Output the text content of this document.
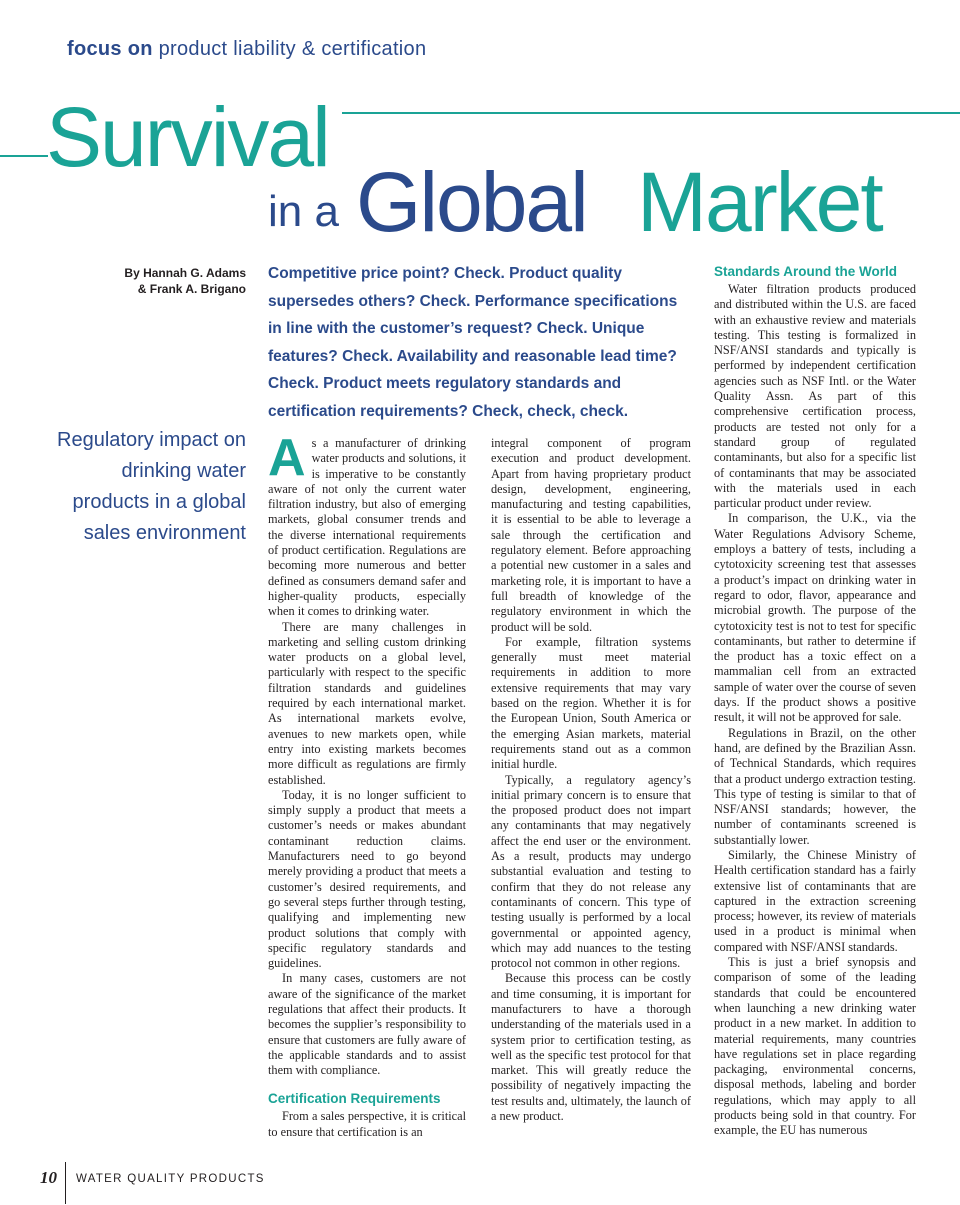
focus on product liability & certification
Survival
in a Global Market
By Hannah G. Adams
& Frank A. Brigano
Competitive price point? Check. Product quality supersedes others? Check. Performance specifications in line with the customer’s request? Check. Unique features? Check. Availability and reasonable lead time? Check. Product meets regulatory standards and certification requirements? Check, check, check.
Regulatory impact on drinking water products in a global sales environment

As a manufacturer of drinking water products and solutions, it is imperative to be constantly aware of not only the current water filtration industry, but also of emerging markets, global consumer trends and the diverse international requirements of product certification. Regulations are becoming more numerous and better defined as consumers demand safer and higher-quality products, especially when it comes to drinking water.

There are many challenges in marketing and selling custom drinking water products on a global level, particularly with respect to the specific filtration standards and guidelines required by each international market. As international markets evolve, avenues to new markets open, while entry into existing markets becomes more difficult as regulations are firmly established.

Today, it is no longer sufficient to simply supply a product that meets a customer’s needs or makes abundant contaminant reduction claims. Manufacturers need to go beyond merely providing a product that meets a customer’s desired requirements, and go several steps further through testing, qualifying and implementing new product solutions that comply with specific regulatory standards and guidelines.

In many cases, customers are not aware of the significance of the market regulations that affect their products. It becomes the supplier’s responsibility to ensure that customers are fully aware of the applicable standards and to assist them with compliance.

Certification Requirements

From a sales perspective, it is critical to ensure that certification is an

integral component of program execution and product development. Apart from having proprietary product design, development, engineering, manufacturing and testing capabilities, it is essential to be able to leverage a sale through the certification and regulatory element. Before approaching a potential new customer in a sales and marketing role, it is important to have a full breadth of knowledge of the regulatory environment in which the product will be sold.

For example, filtration systems generally must meet material requirements in addition to more extensive requirements that may vary based on the region. Whether it is for the European Union, South America or the emerging Asian markets, material requirements stand out as a common initial hurdle.

Typically, a regulatory agency’s initial primary concern is to ensure that the proposed product does not impart any contaminants that may negatively affect the end user or the environment. As a result, products may undergo substantial evaluation and testing to confirm that they do not release any contaminants of concern. This type of testing usually is performed by a local governmental or appointed agency, which may add nuances to the testing protocol not common in other regions.

Because this process can be costly and time consuming, it is important for manufacturers to have a thorough understanding of the materials used in a system prior to certification testing, as well as the specific test protocol for that market. This will greatly reduce the possibility of negatively impacting the test results and, ultimately, the launch of a new product.

Standards Around the World

Water filtration products produced and distributed within the U.S. are faced with an exhaustive review and materials testing. This testing is formalized in NSF/ANSI standards and typically is performed by independent certification agencies such as NSF Intl. or the Water Quality Assn. As part of this comprehensive certification process, products are tested not only for a standard group of regulated contaminants, but also for a specific list of contaminants that may be associated with the materials used in each particular product under review.

In comparison, the U.K., via the Water Regulations Advisory Scheme, employs a battery of tests, including a cytotoxicity screening test that assesses a product’s impact on drinking water in regard to odor, flavor, appearance and microbial growth. The purpose of the cytotoxicity test is not to test for specific contaminants, but rather to determine if the product has a toxic effect on a mammalian cell from an extracted sample of water over the course of seven days. If the product shows a positive result, it will not be approved for sale.

Regulations in Brazil, on the other hand, are defined by the Brazilian Assn. of Technical Standards, which requires that a product undergo extraction testing. This type of testing is similar to that of NSF/ANSI standards; however, the number of contaminants screened is substantially lower.

Similarly, the Chinese Ministry of Health certification standard has a fairly extensive list of contaminants that are captured in the extraction screening process; however, its review of materials used in a product is minimal when compared with NSF/ANSI standards.

This is just a brief synopsis and comparison of some of the leading standards that could be encountered when launching a new drinking water product in a new market. In addition to material requirements, many countries have regulations set in place regarding packaging, environmental concerns, disposal methods, labeling and border regulations, which may apply to all products being sold in that country. For example, the EU has numerous

10 WATER QUALITY PRODUCTS
